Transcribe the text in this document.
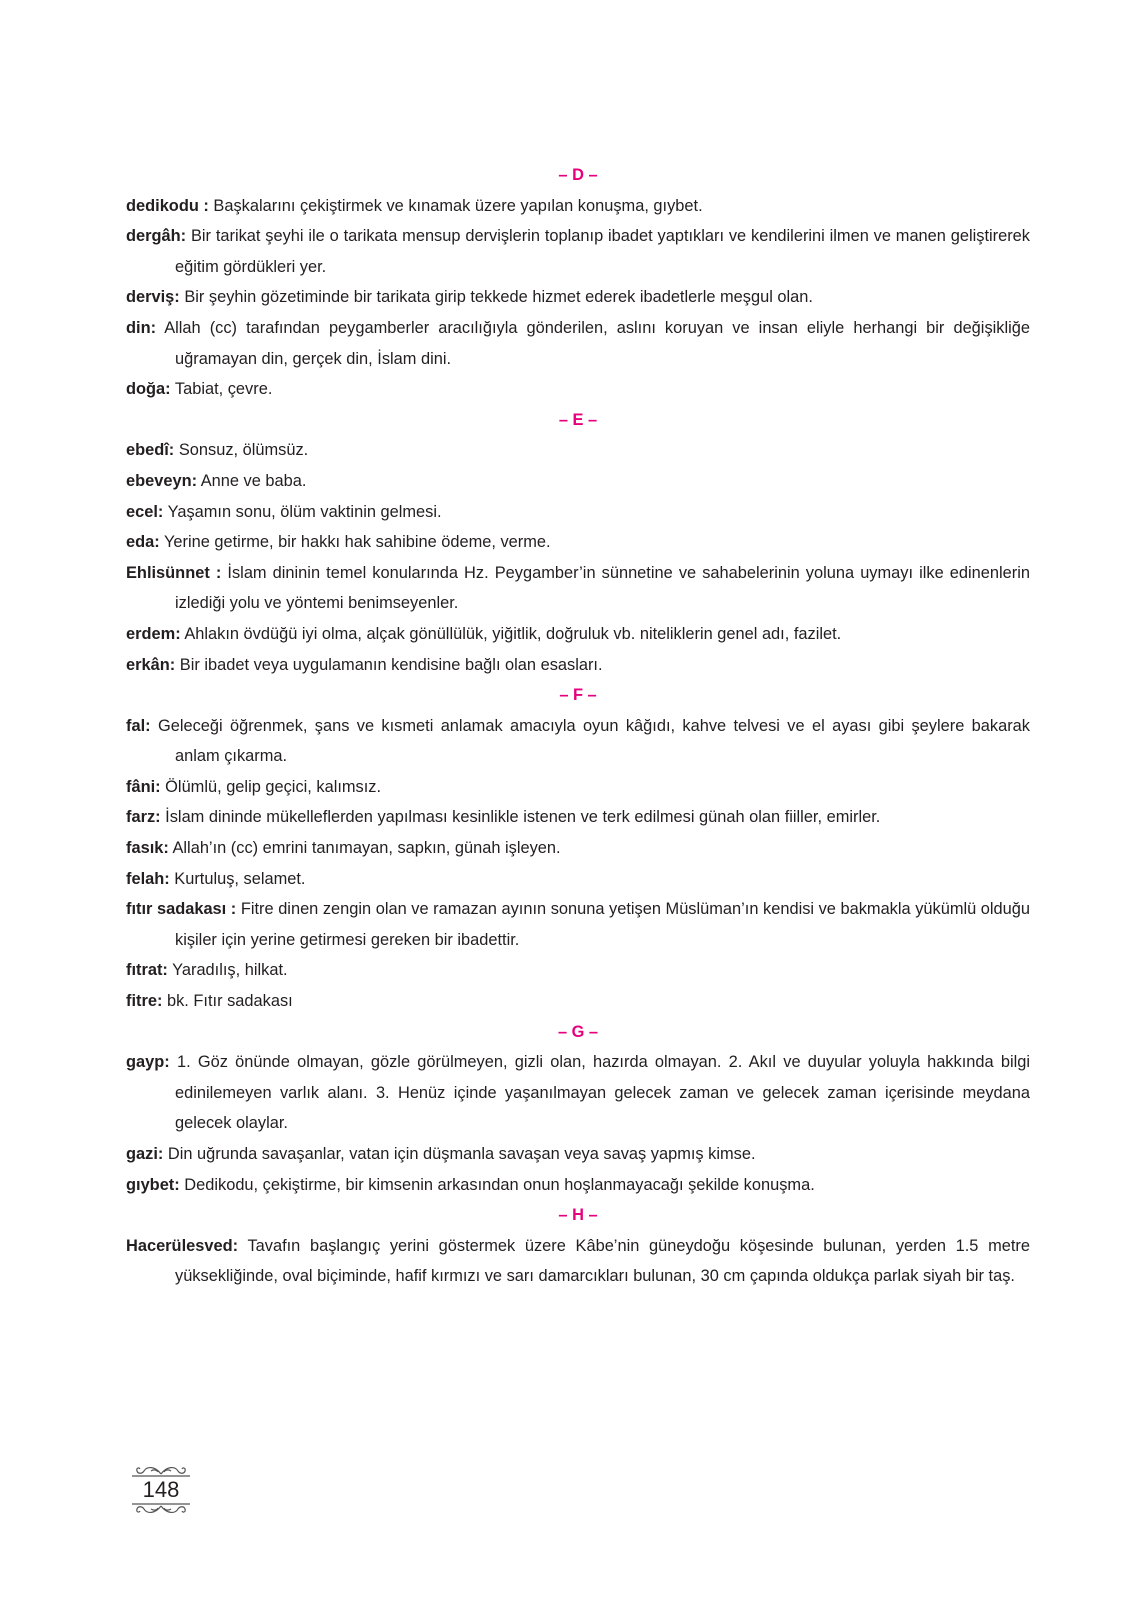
– D –

dedikodu : Başkalarını çekiştirmek ve kınamak üzere yapılan konuşma, gıybet.

dergâh: Bir tarikat şeyhi ile o tarikata mensup dervişlerin toplanıp ibadet yaptıkları ve kendilerini ilmen ve manen geliştirerek eğitim gördükleri yer.

derviş: Bir şeyhin gözetiminde bir tarikata girip tekkede hizmet ederek ibadetlerle meşgul olan.

din: Allah (cc) tarafından peygamberler aracılığıyla gönderilen, aslını koruyan ve insan eliyle herhangi bir değişikliğe uğramayan din, gerçek din, İslam dini.

doğa: Tabiat, çevre.

– E –

ebedî: Sonsuz, ölümsüz.

ebeveyn: Anne ve baba.

ecel: Yaşamın sonu, ölüm vaktinin gelmesi.

eda: Yerine getirme, bir hakkı hak sahibine ödeme, verme.

Ehlisünnet : İslam dininin temel konularında Hz. Peygamber’in sünnetine ve sahabelerinin yoluna uymayı ilke edinenlerin izlediği yolu ve yöntemi benimseyenler.

erdem: Ahlakın övdüğü iyi olma, alçak gönüllülük, yiğitlik, doğruluk vb. niteliklerin genel adı, fazilet.

erkân: Bir ibadet veya uygulamanın kendisine bağlı olan esasları.

– F –

fal: Geleceği öğrenmek, şans ve kısmeti anlamak amacıyla oyun kâğıdı, kahve telvesi ve el ayası gibi şeylere bakarak anlam çıkarma.

fâni: Ölümlü, gelip geçici, kalımsız.

farz: İslam dininde mükelleflerden yapılması kesinlikle istenen ve terk edilmesi günah olan fiiller, emirler.

fasık: Allah’ın (cc) emrini tanımayan, sapkın, günah işleyen.

felah: Kurtuluş, selamet.

fıtır sadakası : Fitre dinen zengin olan ve ramazan ayının sonuna yetişen Müslüman’ın kendisi ve bakmakla yükümlü olduğu kişiler için yerine getirmesi gereken bir ibadettir.

fıtrat: Yaradılış, hilkat.

fitre: bk. Fıtır sadakası

– G –

gayp: 1. Göz önünde olmayan, gözle görülmeyen, gizli olan, hazırda olmayan. 2. Akıl ve duyular yoluyla hakkında bilgi edinilemeyen varlık alanı. 3. Henüz içinde yaşanılmayan gelecek zaman ve gelecek zaman içerisinde meydana gelecek olaylar.

gazi: Din uğrunda savaşanlar, vatan için düşmanla savaşan veya savaş yapmış kimse.

gıybet: Dedikodu, çekiştirme, bir kimsenin arkasından onun hoşlanmayacağı şekilde konuşma.

– H –

Hacerülesved: Tavafın başlangıç yerini göstermek üzere Kâbe’nin güneydoğu köşesinde bulunan, yerden 1.5 metre yüksekliğinde, oval biçiminde, hafif kırmızı ve sarı damarcıkları bulunan, 30 cm çapında oldukça parlak siyah bir taş.

148
